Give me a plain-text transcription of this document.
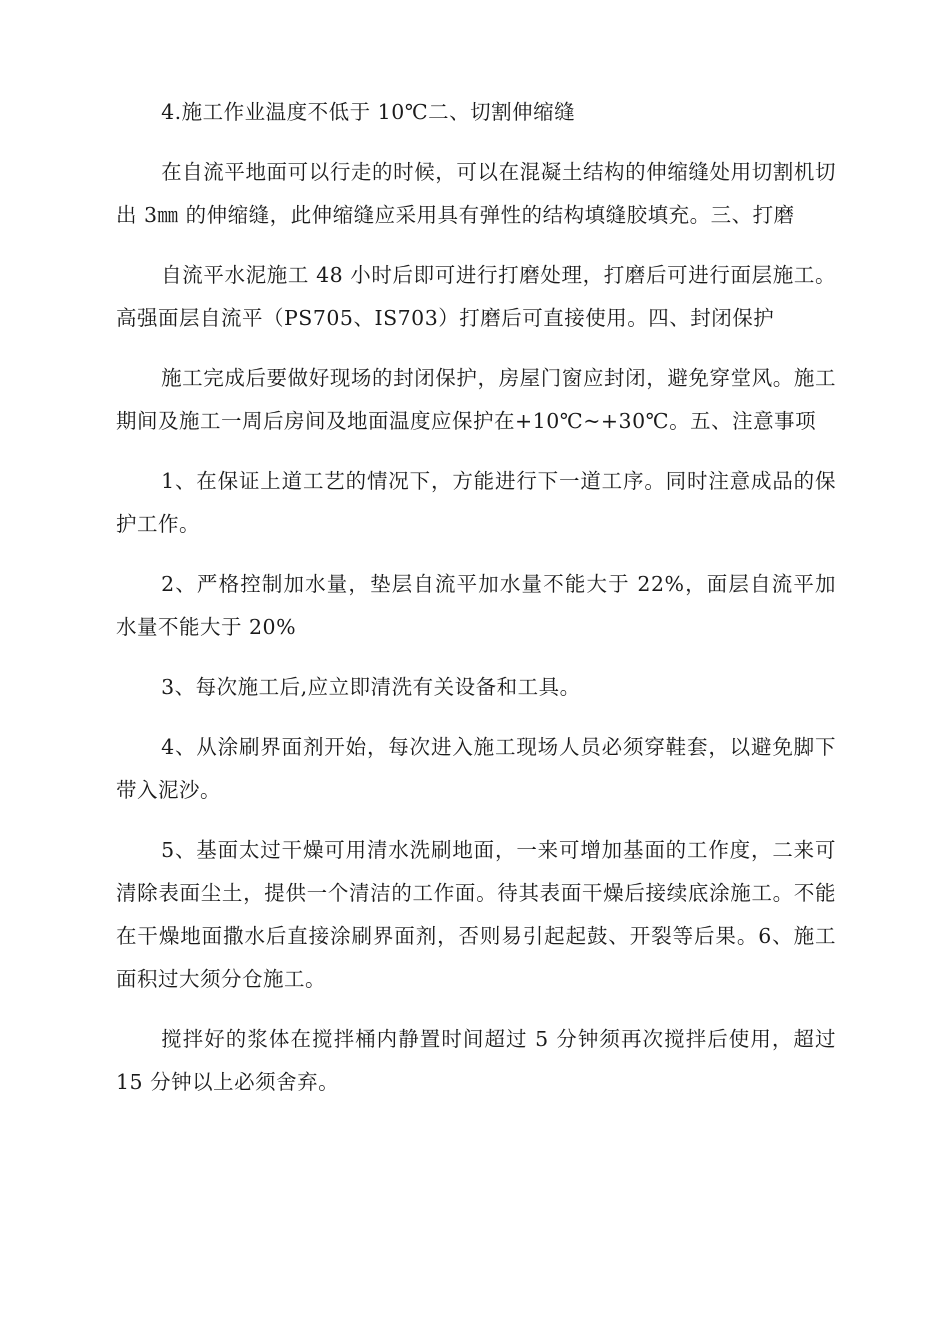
4.施工作业温度不低于 10℃二、切割伸缩缝

在自流平地面可以行走的时候，可以在混凝土结构的伸缩缝处用切割机切出 3㎜ 的伸缩缝，此伸缩缝应采用具有弹性的结构填缝胶填充。三、打磨

自流平水泥施工 48 小时后即可进行打磨处理，打磨后可进行面层施工。高强面层自流平（PS705、IS703）打磨后可直接使用。四、封闭保护

施工完成后要做好现场的封闭保护，房屋门窗应封闭，避免穿堂风。施工期间及施工一周后房间及地面温度应保护在+10℃~+30℃。五、注意事项

1、在保证上道工艺的情况下，方能进行下一道工序。同时注意成品的保护工作。

2、严格控制加水量，垫层自流平加水量不能大于 22%，面层自流平加水量不能大于 20%

3、每次施工后,应立即清洗有关设备和工具。

4、从涂刷界面剂开始，每次进入施工现场人员必须穿鞋套，以避免脚下带入泥沙。

5、基面太过干燥可用清水洗刷地面，一来可增加基面的工作度，二来可清除表面尘土，提供一个清洁的工作面。待其表面干燥后接续底涂施工。不能在干燥地面撒水后直接涂刷界面剂，否则易引起起鼓、开裂等后果。6、施工面积过大须分仓施工。

搅拌好的浆体在搅拌桶内静置时间超过 5 分钟须再次搅拌后使用，超过 15 分钟以上必须舍弃。
